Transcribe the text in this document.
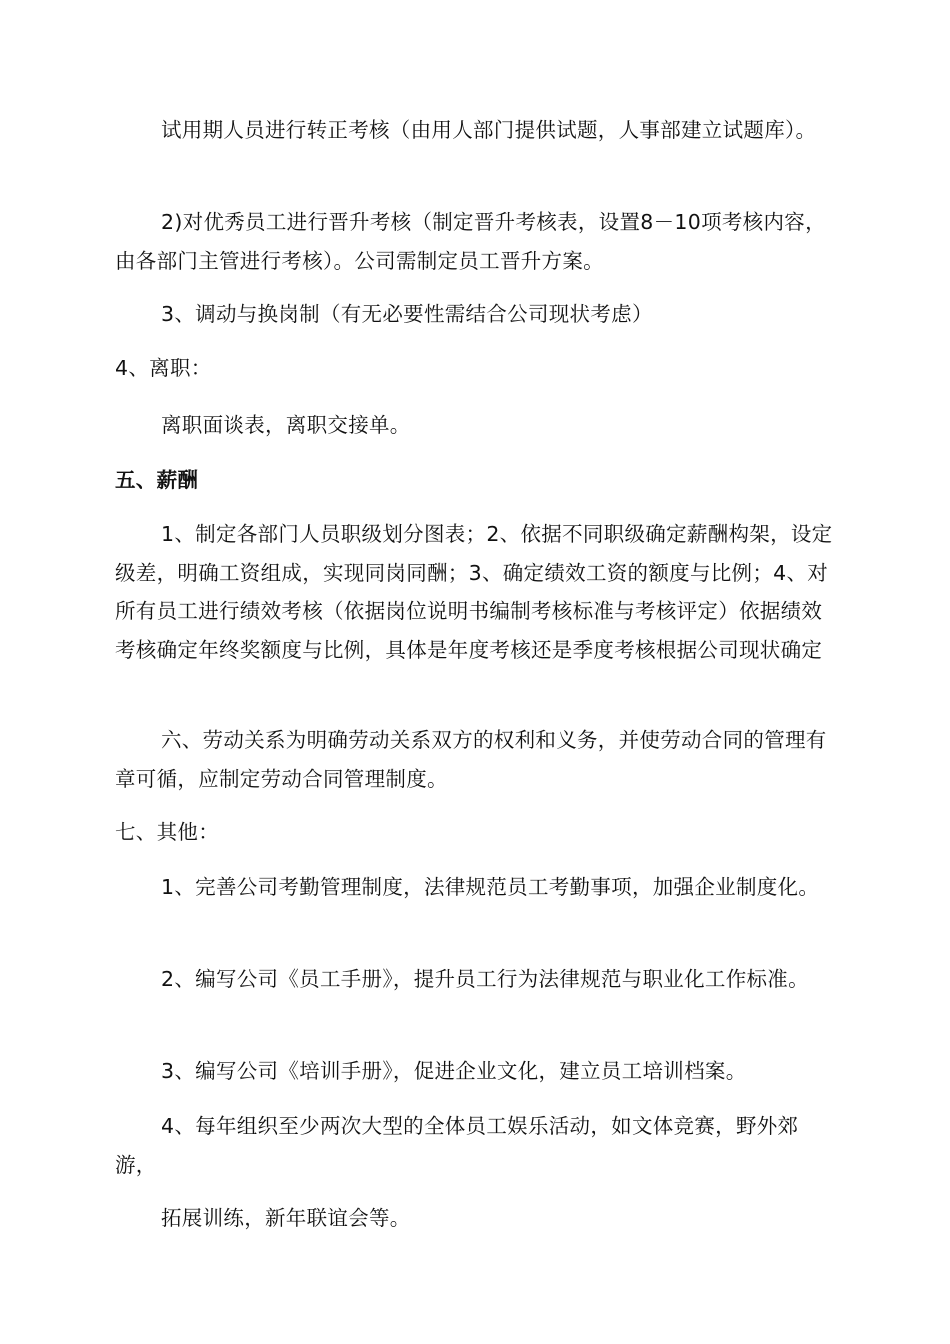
试用期人员进行转正考核（由用人部门提供试题，人事部建立试题库）。

2)对优秀员工进行晋升考核（制定晋升考核表，设置8－10项考核内容，由各部门主管进行考核）。公司需制定员工晋升方案。

3、调动与换岗制（有无必要性需结合公司现状考虑）

4、离职：

离职面谈表，离职交接单。

五、薪酬

1、制定各部门人员职级划分图表；2、依据不同职级确定薪酬构架，设定级差，明确工资组成，实现同岗同酬；3、确定绩效工资的额度与比例；4、对所有员工进行绩效考核（依据岗位说明书编制考核标准与考核评定）依据绩效考核确定年终奖额度与比例，具体是年度考核还是季度考核根据公司现状确定

六、劳动关系为明确劳动关系双方的权利和义务，并使劳动合同的管理有章可循，应制定劳动合同管理制度。

七、其他：

1、完善公司考勤管理制度，法律规范员工考勤事项，加强企业制度化。

2、编写公司《员工手册》，提升员工行为法律规范与职业化工作标准。

3、编写公司《培训手册》，促进企业文化，建立员工培训档案。

4、每年组织至少两次大型的全体员工娱乐活动，如文体竞赛，野外郊游，

拓展训练，新年联谊会等。
